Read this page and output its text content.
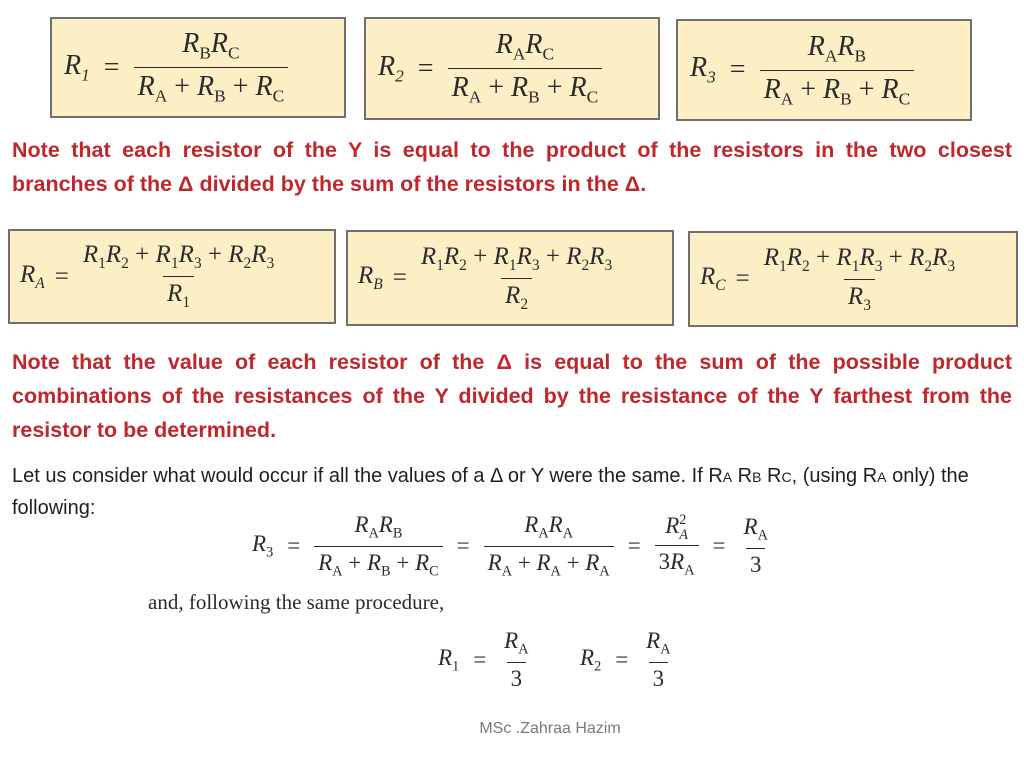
$R_1 = \frac{R_BR_C}{R_A + R_B + R_C}$	$R_2 = \frac{R_AR_C}{R_A + R_B + R_C}$	$R_3 = \frac{R_AR_B}{R_A + R_B + R_C}$

Note that each resistor of the Y is equal to the product of the resistors in the two closest branches of the Δ divided by the sum of the resistors in the Δ.

$R_A = \frac{R_1R_2 + R_1R_3 + R_2R_3}{R_1}$	$R_B = \frac{R_1R_2 + R_1R_3 + R_2R_3}{R_2}$	$R_C = \frac{R_1R_2 + R_1R_3 + R_2R_3}{R_3}$

Note that the value of each resistor of the Δ is equal to the sum of the possible product combinations of the resistances of the Y divided by the resistance of the Y farthest from the resistor to be determined.

Let us consider what would occur if all the values of a Δ or Y were the same. If RA RB RC, (using RA only) the following:

$R_3 = \frac{R_AR_B}{R_A + R_B + R_C} = \frac{R_AR_A}{R_A + R_A + R_A} = R$ 2
A
$3R_A = \frac{R_A}{3}$

and, following the same procedure,

$R_1 = \frac{R_A}{3} R_2 = \frac{R_A}{3}$

MSc .Zahraa Hazim
